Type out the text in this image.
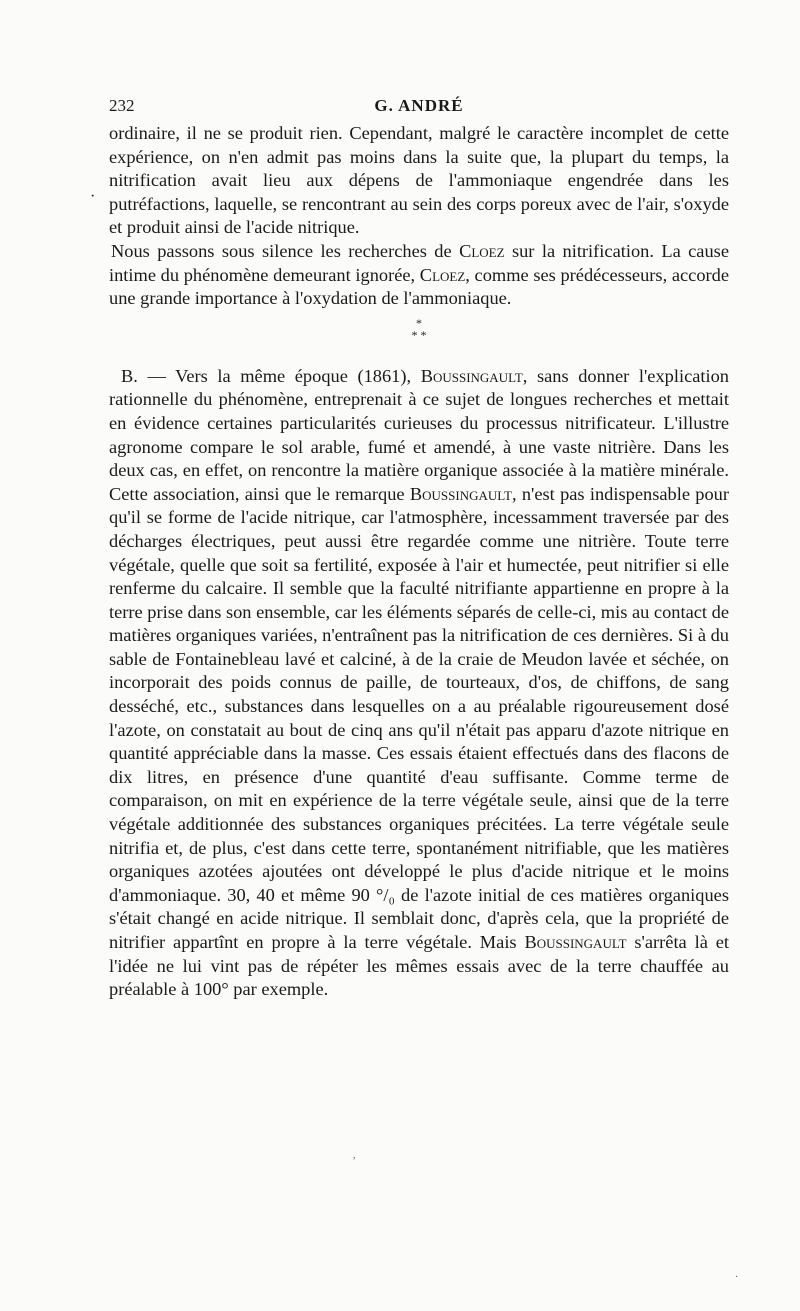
232	G. ANDRÉ

ordinaire, il ne se produit rien. Cependant, malgré le caractère incomplet de cette expérience, on n'en admit pas moins dans la suite que, la plupart du temps, la nitrification avait lieu aux dépens de l'ammoniaque engendrée dans les putréfactions, laquelle, se rencontrant au sein des corps poreux avec de l'air, s'oxyde et produit ainsi de l'acide nitrique.

Nous passons sous silence les recherches de Cloez sur la nitrification. La cause intime du phénomène demeurant ignorée, Cloez, comme ses prédécesseurs, accorde une grande importance à l'oxydation de l'ammoniaque.

*
* *

B. — Vers la même époque (1861), Boussingault, sans donner l'explication rationnelle du phénomène, entreprenait à ce sujet de longues recherches et mettait en évidence certaines particularités curieuses du processus nitrificateur. L'illustre agronome compare le sol arable, fumé et amendé, à une vaste nitrière. Dans les deux cas, en effet, on rencontre la matière organique associée à la matière minérale. Cette association, ainsi que le remarque Boussingault, n'est pas indispensable pour qu'il se forme de l'acide nitrique, car l'atmosphère, incessamment traversée par des décharges électriques, peut aussi être regardée comme une nitrière. Toute terre végétale, quelle que soit sa fertilité, exposée à l'air et humectée, peut nitrifier si elle renferme du calcaire. Il semble que la faculté nitrifiante appartienne en propre à la terre prise dans son ensemble, car les éléments séparés de celle-ci, mis au contact de matières organiques variées, n'entraînent pas la nitrification de ces dernières. Si à du sable de Fontainebleau lavé et calciné, à de la craie de Meudon lavée et séchée, on incorporait des poids connus de paille, de tourteaux, d'os, de chiffons, de sang desséché, etc., substances dans lesquelles on a au préalable rigoureusement dosé l'azote, on constatait au bout de cinq ans qu'il n'était pas apparu d'azote nitrique en quantité appréciable dans la masse. Ces essais étaient effectués dans des flacons de dix litres, en présence d'une quantité d'eau suffisante. Comme terme de comparaison, on mit en expérience de la terre végétale seule, ainsi que de la terre végétale additionnée des substances organiques précitées. La terre végétale seule nitrifia et, de plus, c'est dans cette terre, spontanément nitrifiable, que les matières organiques azotées ajoutées ont développé le plus d'acide nitrique et le moins d'ammoniaque. 30, 40 et même 90 °/₀ de l'azote initial de ces matières organiques s'était changé en acide nitrique. Il semblait donc, d'après cela, que la propriété de nitrifier appartînt en propre à la terre végétale. Mais Boussingault s'arrêta là et l'idée ne lui vint pas de répéter les mêmes essais avec de la terre chauffée au préalable à 100° par exemple.

·
,
·
